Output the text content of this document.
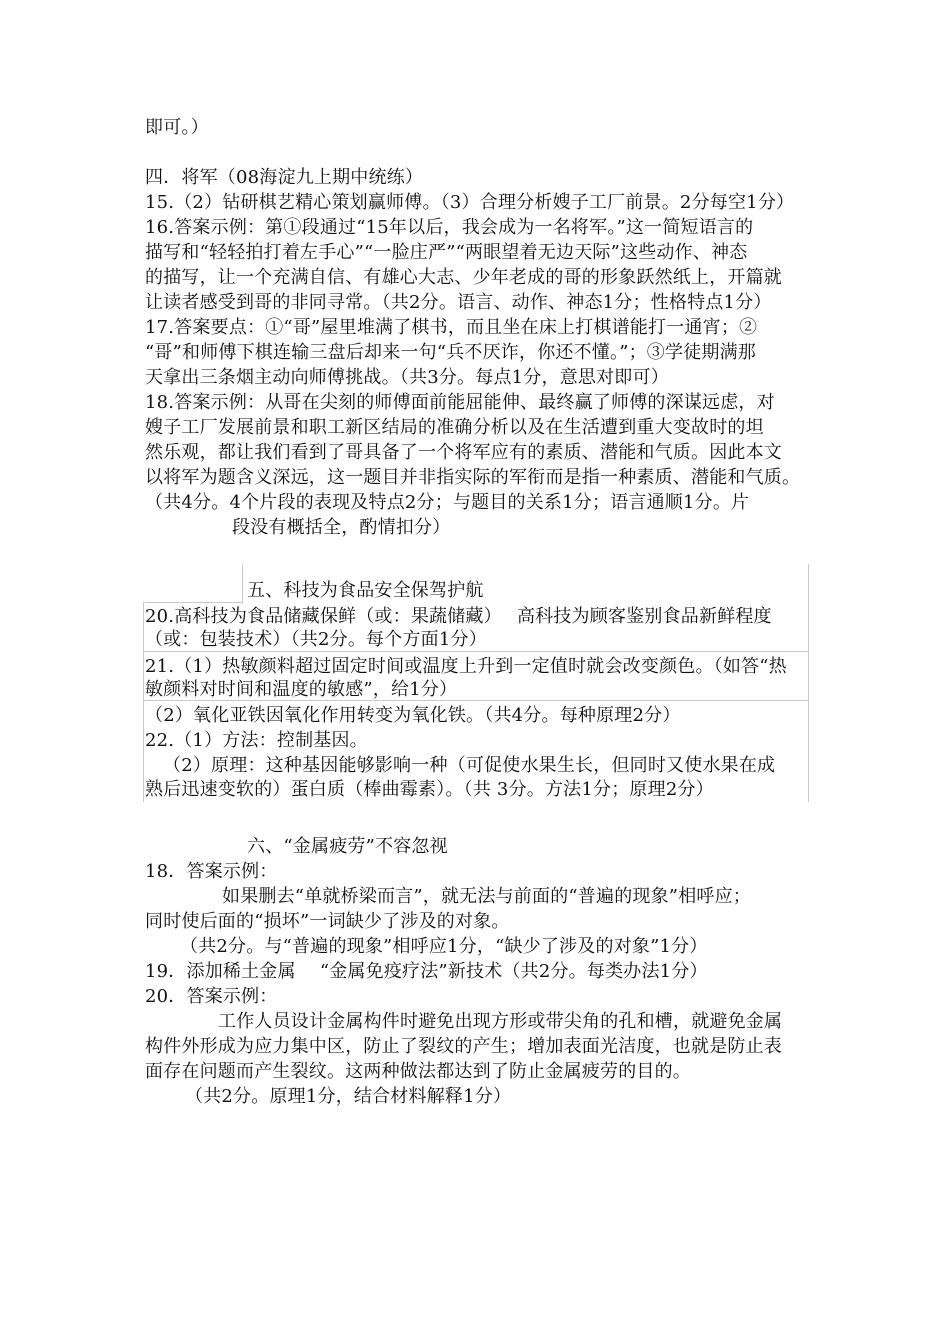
即可。）
四．将军（08海淀九上期中统练）
15.（2）钻研棋艺精心策划赢师傅。（3）合理分析嫂子工厂前景。2分每空1分）
16.答案示例：第①段通过“15年以后，我会成为一名将军。”这一简短语言的
描写和“轻轻拍打着左手心”“一脸庄严”“两眼望着无边天际”这些动作、神态
的描写，让一个充满自信、有雄心大志、少年老成的哥的形象跃然纸上，开篇就
让读者感受到哥的非同寻常。（共2分。语言、动作、神态1分；性格特点1分）
17.答案要点：①“哥”屋里堆满了棋书，而且坐在床上打棋谱能打一通宵；②
“哥”和师傅下棋连输三盘后却来一句“兵不厌诈，你还不懂。”；③学徒期满那
天拿出三条烟主动向师傅挑战。（共3分。每点1分，意思对即可）
18.答案示例：从哥在尖刻的师傅面前能屈能伸、最终赢了师傅的深谋远虑，对
嫂子工厂发展前景和职工新区结局的准确分析以及在生活遭到重大变故时的坦
然乐观，都让我们看到了哥具备了一个将军应有的素质、潜能和气质。因此本文
以将军为题含义深远，这一题目并非指实际的军衔而是指一种素质、潜能和气质。
（共4分。4个片段的表现及特点2分；与题目的关系1分；语言通顺1分。片
段没有概括全，酌情扣分）
五、科技为食品安全保驾护航
20.高科技为食品储藏保鲜（或：果蔬储藏）　 高科技为顾客鉴别食品新鲜程度
（或：包装技术）（共2分。每个方面1分）
21.（1）热敏颜料超过固定时间或温度上升到一定值时就会改变颜色。（如答“热
敏颜料对时间和温度的敏感”，给1分）
（2）氧化亚铁因氧化作用转变为氧化铁。（共4分。每种原理2分）
22.（1）方法：控制基因。
（2）原理：这种基因能够影响一种（可促使水果生长，但同时又使水果在成
熟后迅速变软的）蛋白质（棒曲霉素）。（共 3分。方法1分；原理2分）
六、“金属疲劳”不容忽视
18．答案示例：
如果删去“单就桥梁而言”，就无法与前面的“普遍的现象”相呼应；
同时使后面的“损坏”一词缺少了涉及的对象。
（共2分。与“普遍的现象”相呼应1分，“缺少了涉及的对象”1分）
19．添加稀土金属　 “金属免疫疗法”新技术（共2分。每类办法1分）
20．答案示例：
工作人员设计金属构件时避免出现方形或带尖角的孔和槽，就避免金属
构件外形成为应力集中区，防止了裂纹的产生；增加表面光洁度，也就是防止表
面存在问题而产生裂纹。这两种做法都达到了防止金属疲劳的目的。
（共2分。原理1分，结合材料解释1分）
